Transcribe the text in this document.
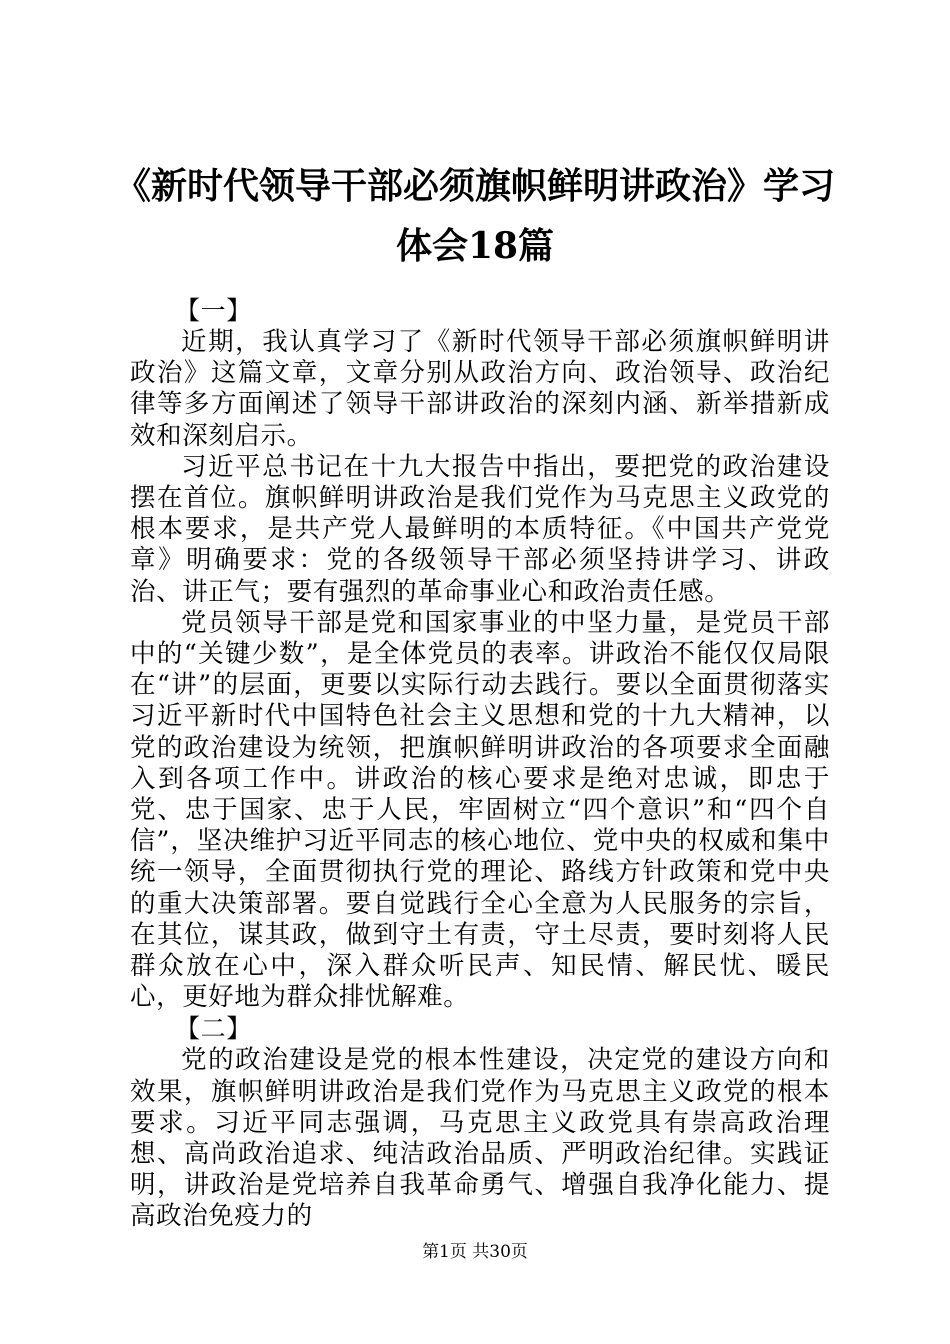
《新时代领导干部必须旗帜鲜明讲政治》学习
体会18篇

【一】

近期，我认真学习了《新时代领导干部必须旗帜鲜明讲政治》这篇文章，文章分别从政治方向、政治领导、政治纪律等多方面阐述了领导干部讲政治的深刻内涵、新举措新成效和深刻启示。

习近平总书记在十九大报告中指出，要把党的政治建设摆在首位。旗帜鲜明讲政治是我们党作为马克思主义政党的根本要求，是共产党人最鲜明的本质特征。《中国共产党党章》明确要求：党的各级领导干部必须坚持讲学习、讲政治、讲正气；要有强烈的革命事业心和政治责任感。

党员领导干部是党和国家事业的中坚力量，是党员干部中的“关键少数”，是全体党员的表率。讲政治不能仅仅局限在“讲”的层面，更要以实际行动去践行。要以全面贯彻落实习近平新时代中国特色社会主义思想和党的十九大精神，以党的政治建设为统领，把旗帜鲜明讲政治的各项要求全面融入到各项工作中。讲政治的核心要求是绝对忠诚，即忠于党、忠于国家、忠于人民，牢固树立“四个意识”和“四个自信”，坚决维护习近平同志的核心地位、党中央的权威和集中统一领导，全面贯彻执行党的理论、路线方针政策和党中央的重大决策部署。要自觉践行全心全意为人民服务的宗旨，在其位，谋其政，做到守土有责，守土尽责，要时刻将人民群众放在心中，深入群众听民声、知民情、解民忧、暖民心，更好地为群众排忧解难。

【二】

党的政治建设是党的根本性建设，决定党的建设方向和效果，旗帜鲜明讲政治是我们党作为马克思主义政党的根本要求。习近平同志强调，马克思主义政党具有崇高政治理想、高尚政治追求、纯洁政治品质、严明政治纪律。实践证明，讲政治是党培养自我革命勇气、增强自我净化能力、提高政治免疫力的

第1页 共30页
